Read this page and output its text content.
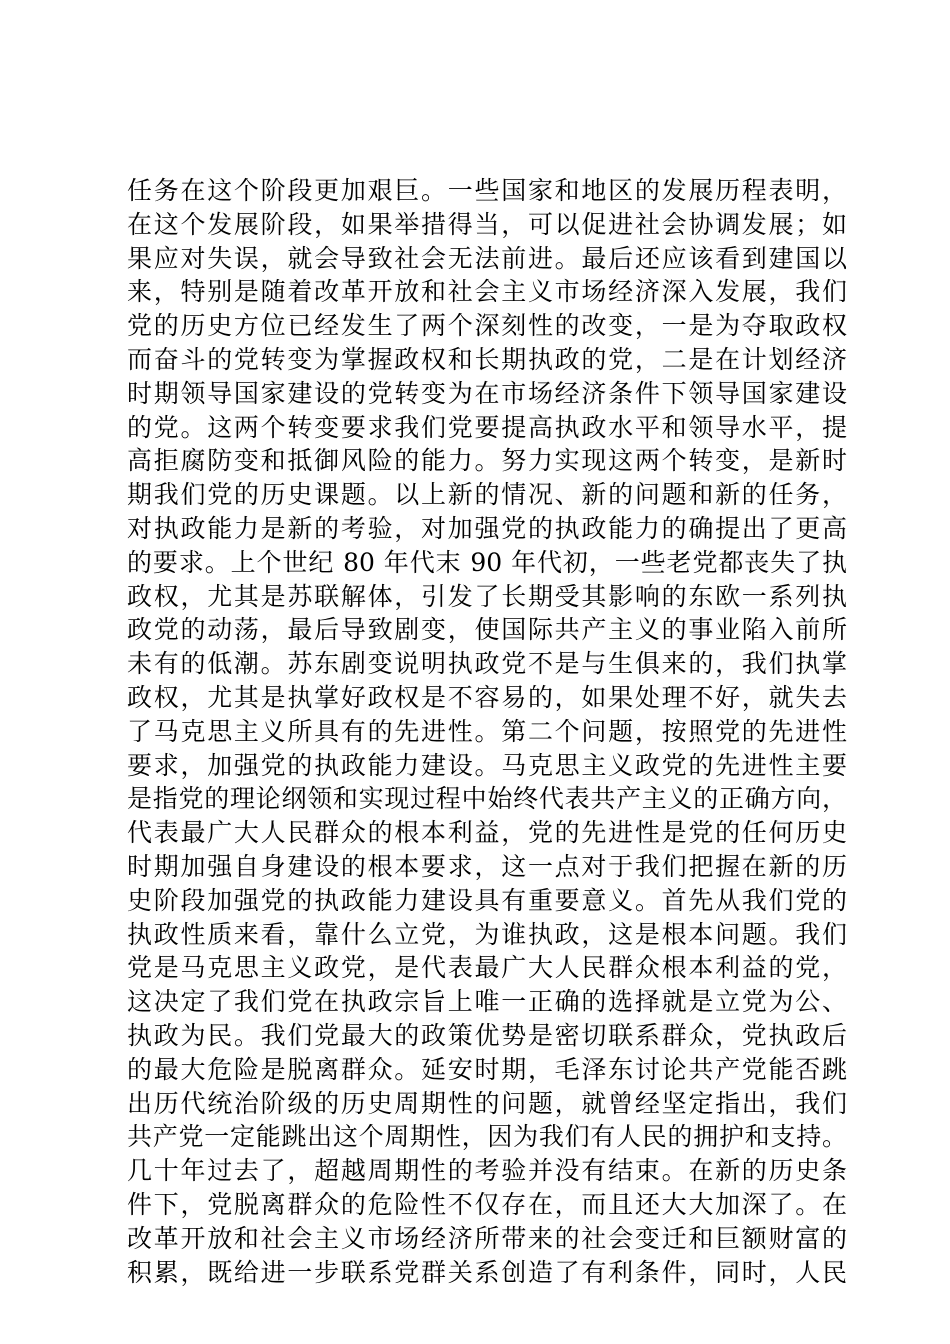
任务在这个阶段更加艰巨。一些国家和地区的发展历程表明，
在这个发展阶段，如果举措得当，可以促进社会协调发展；如
果应对失误，就会导致社会无法前进。最后还应该看到建国以
来，特别是随着改革开放和社会主义市场经济深入发展，我们
党的历史方位已经发生了两个深刻性的改变，一是为夺取政权
而奋斗的党转变为掌握政权和长期执政的党，二是在计划经济
时期领导国家建设的党转变为在市场经济条件下领导国家建设
的党。这两个转变要求我们党要提高执政水平和领导水平，提
高拒腐防变和抵御风险的能力。努力实现这两个转变，是新时
期我们党的历史课题。以上新的情况、新的问题和新的任务，
对执政能力是新的考验，对加强党的执政能力的确提出了更高
的要求。上个世纪 80 年代末 90 年代初，一些老党都丧失了执
政权，尤其是苏联解体，引发了长期受其影响的东欧一系列执
政党的动荡，最后导致剧变，使国际共产主义的事业陷入前所
未有的低潮。苏东剧变说明执政党不是与生俱来的，我们执掌
政权，尤其是执掌好政权是不容易的，如果处理不好，就失去
了马克思主义所具有的先进性。第二个问题，按照党的先进性
要求，加强党的执政能力建设。马克思主义政党的先进性主要
是指党的理论纲领和实现过程中始终代表共产主义的正确方向，
代表最广大人民群众的根本利益，党的先进性是党的任何历史
时期加强自身建设的根本要求，这一点对于我们把握在新的历
史阶段加强党的执政能力建设具有重要意义。首先从我们党的
执政性质来看，靠什么立党，为谁执政，这是根本问题。我们
党是马克思主义政党，是代表最广大人民群众根本利益的党，
这决定了我们党在执政宗旨上唯一正确的选择就是立党为公、
执政为民。我们党最大的政策优势是密切联系群众，党执政后
的最大危险是脱离群众。延安时期，毛泽东讨论共产党能否跳
出历代统治阶级的历史周期性的问题，就曾经坚定指出，我们
共产党一定能跳出这个周期性，因为我们有人民的拥护和支持。
几十年过去了，超越周期性的考验并没有结束。在新的历史条
件下，党脱离群众的危险性不仅存在，而且还大大加深了。在
改革开放和社会主义市场经济所带来的社会变迁和巨额财富的
积累，既给进一步联系党群关系创造了有利条件，同时，人民
